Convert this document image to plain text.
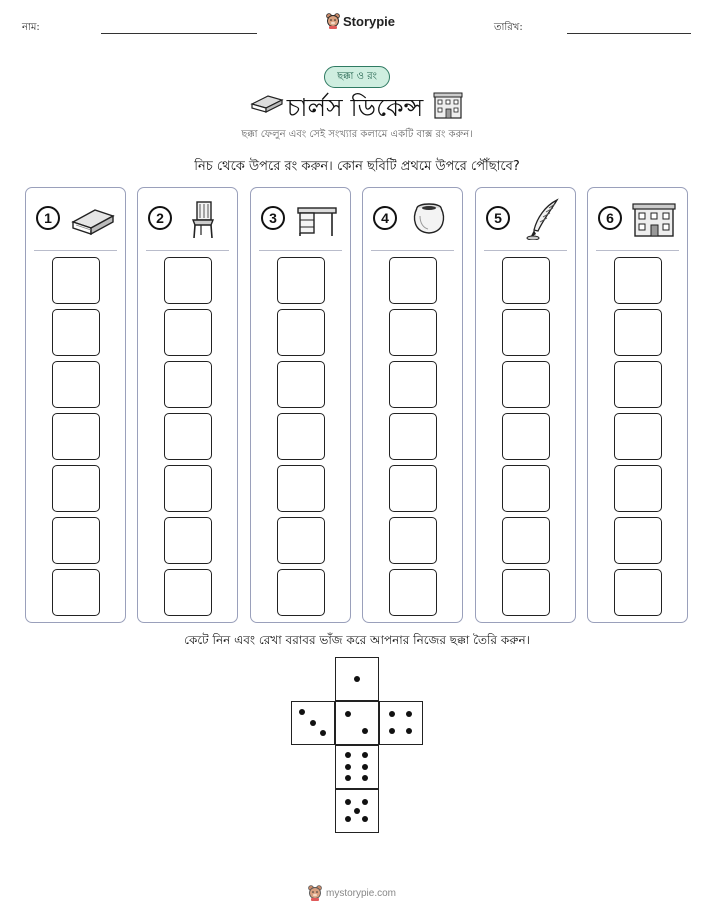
নাম:	Storypie	তারিখ:
ছক্কা ও রং
চার্লস ডিকেন্স
ছক্কা ফেলুন এবং সেই সংখ্যার কলামে একটি বাক্স রং করুন।
নিচ থেকে উপরে রং করুন। কোন ছবিটি প্রথমে উপরে পৌঁছাবে?
1	2	3	4	5	6
কেটে নিন এবং রেখা বরাবর ভাঁজ করে আপনার নিজের ছক্কা তৈরি করুন।
mystorypie.com
